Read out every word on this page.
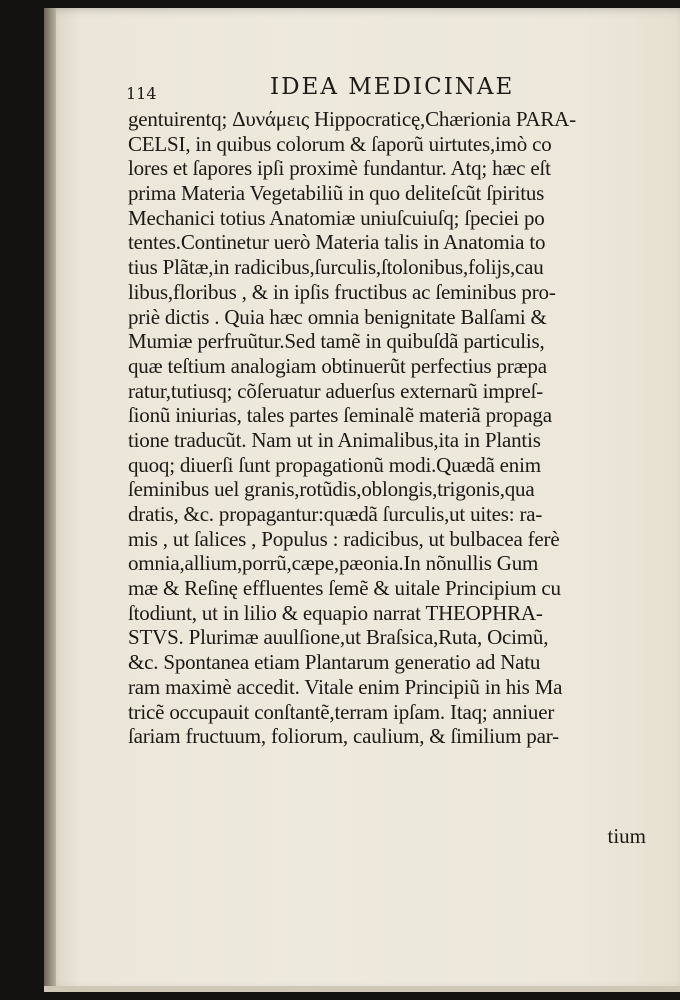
114	IDEA MEDICINAE
gentuirentq; Δυνάμεις Hippocraticę,Chærionia PARA-
CELSI, in quibus colorum & ſaporũ uirtutes,imò co
lores et ſapores ipſi proximè fundantur. Atq; hæc eſt
prima Materia Vegetabiliũ in quo deliteſcũt ſpiritus
Mechanici totius Anatomiæ uniuſcuiuſq; ſpeciei po
tentes.Continetur uerò Materia talis in Anatomia to
tius Plãtæ,in radicibus,ſurculis,ſtolonibus,folijs,cau
libus,floribus , & in ipſis fructibus ac ſeminibus pro-
priè dictis . Quia hæc omnia benignitate Balſami &
Mumiæ perfruũtur.Sed tamẽ in quibuſdã particulis,
quæ teſtium analogiam obtinuerũt perfectius præpa
ratur,tutiusq; cõſeruatur aduerſus externarũ impreſ-
ſionũ iniurias, tales partes ſeminalẽ materiã propaga
tione traducũt. Nam ut in Animalibus,ita in Plantis
quoq; diuerſi ſunt propagationũ modi.Quædã enim
ſeminibus uel granis,rotũdis,oblongis,trigonis,qua
dratis, &c. propagantur:quædã ſurculis,ut uites: ra-
mis , ut ſalices , Populus : radicibus, ut bulbacea ferè
omnia,allium,porrũ,cæpe,pæonia.In nõnullis Gum
mæ & Reſinę effluentes ſemẽ & uitale Principium cu
ſtodiunt, ut in lilio & equapio narrat THEOPHRA-
STVS. Plurimæ auulſione,ut Braſsica,Ruta, Ocimũ,
&c. Spontanea etiam Plantarum generatio ad Natu
ram maximè accedit. Vitale enim Principiũ in his Ma
tricẽ occupauit conſtantẽ,terram ipſam. Itaq; anniuer
ſariam fructuum, foliorum, caulium, & ſimilium par-
tium
